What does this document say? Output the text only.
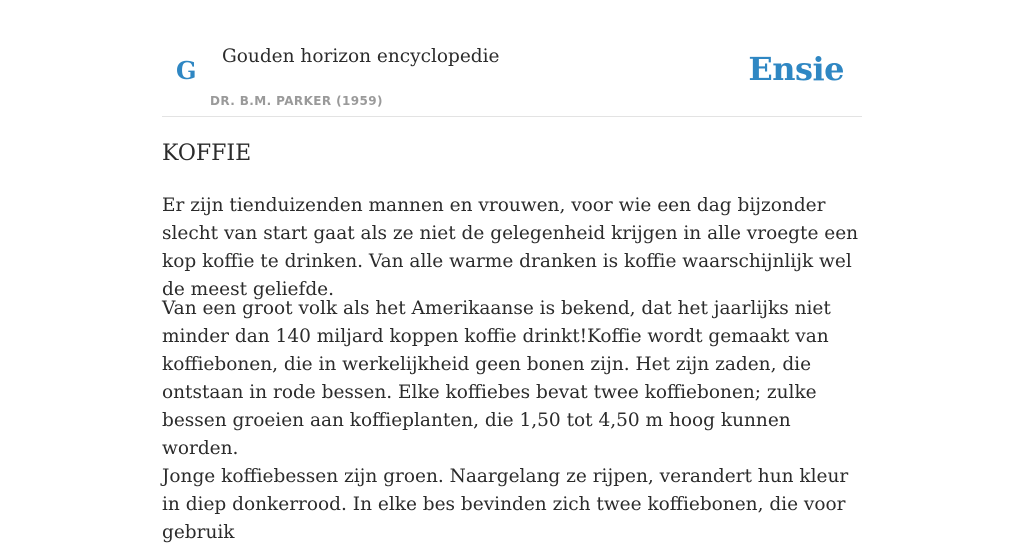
G Gouden horizon encyclopedie
DR. B.M. PARKER (1959)
Ensie
KOFFIE

Er zijn tienduizenden mannen en vrouwen, voor wie een dag bijzonder slecht van start gaat als ze niet de gelegenheid krijgen in alle vroegte een kop koffie te drinken. Van alle warme dranken is koffie waarschijnlijk wel de meest geliefde.

Van een groot volk als het Amerikaanse is bekend, dat het jaarlijks niet minder dan 140 miljard koppen koffie drinkt!Koffie wordt gemaakt van koffiebonen, die in werkelijkheid geen bonen zijn. Het zijn zaden, die ontstaan in rode bessen. Elke koffiebes bevat twee koffiebonen; zulke bessen groeien aan koffieplanten, die 1,50 tot 4,50 m hoog kunnen worden.

Jonge koffiebessen zijn groen. Naargelang ze rijpen, verandert hun kleur in diep donkerrood. In elke bes bevinden zich twee koffiebonen, die voor gebruik
